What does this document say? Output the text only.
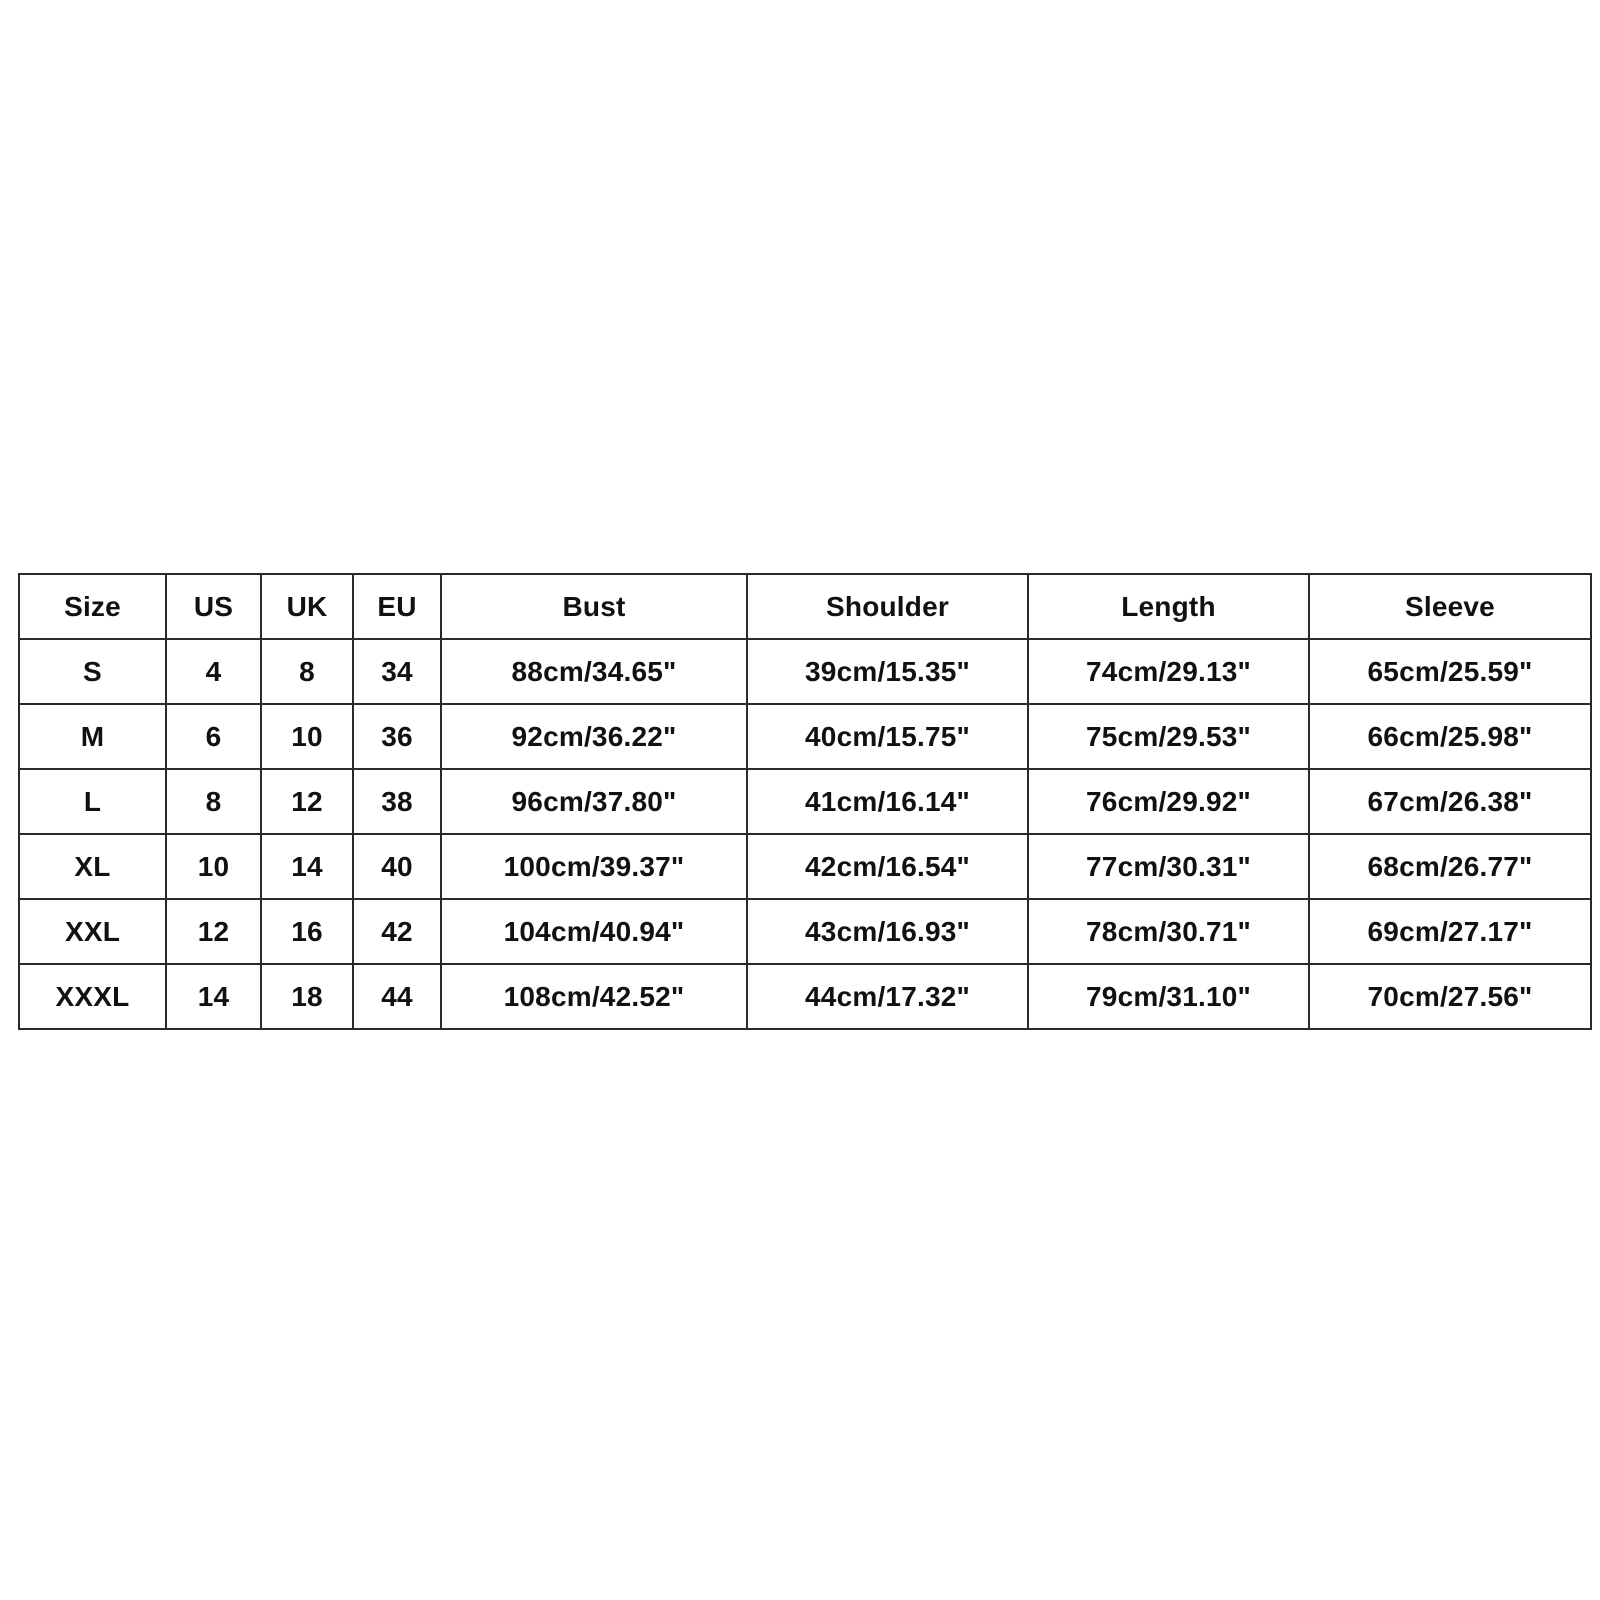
Size	US	UK	EU	Bust	Shoulder	Length	Sleeve
S	4	8	34	88cm/34.65"	39cm/15.35"	74cm/29.13"	65cm/25.59"
M	6	10	36	92cm/36.22"	40cm/15.75"	75cm/29.53"	66cm/25.98"
L	8	12	38	96cm/37.80"	41cm/16.14"	76cm/29.92"	67cm/26.38"
XL	10	14	40	100cm/39.37"	42cm/16.54"	77cm/30.31"	68cm/26.77"
XXL	12	16	42	104cm/40.94"	43cm/16.93"	78cm/30.71"	69cm/27.17"
XXXL	14	18	44	108cm/42.52"	44cm/17.32"	79cm/31.10"	70cm/27.56"
